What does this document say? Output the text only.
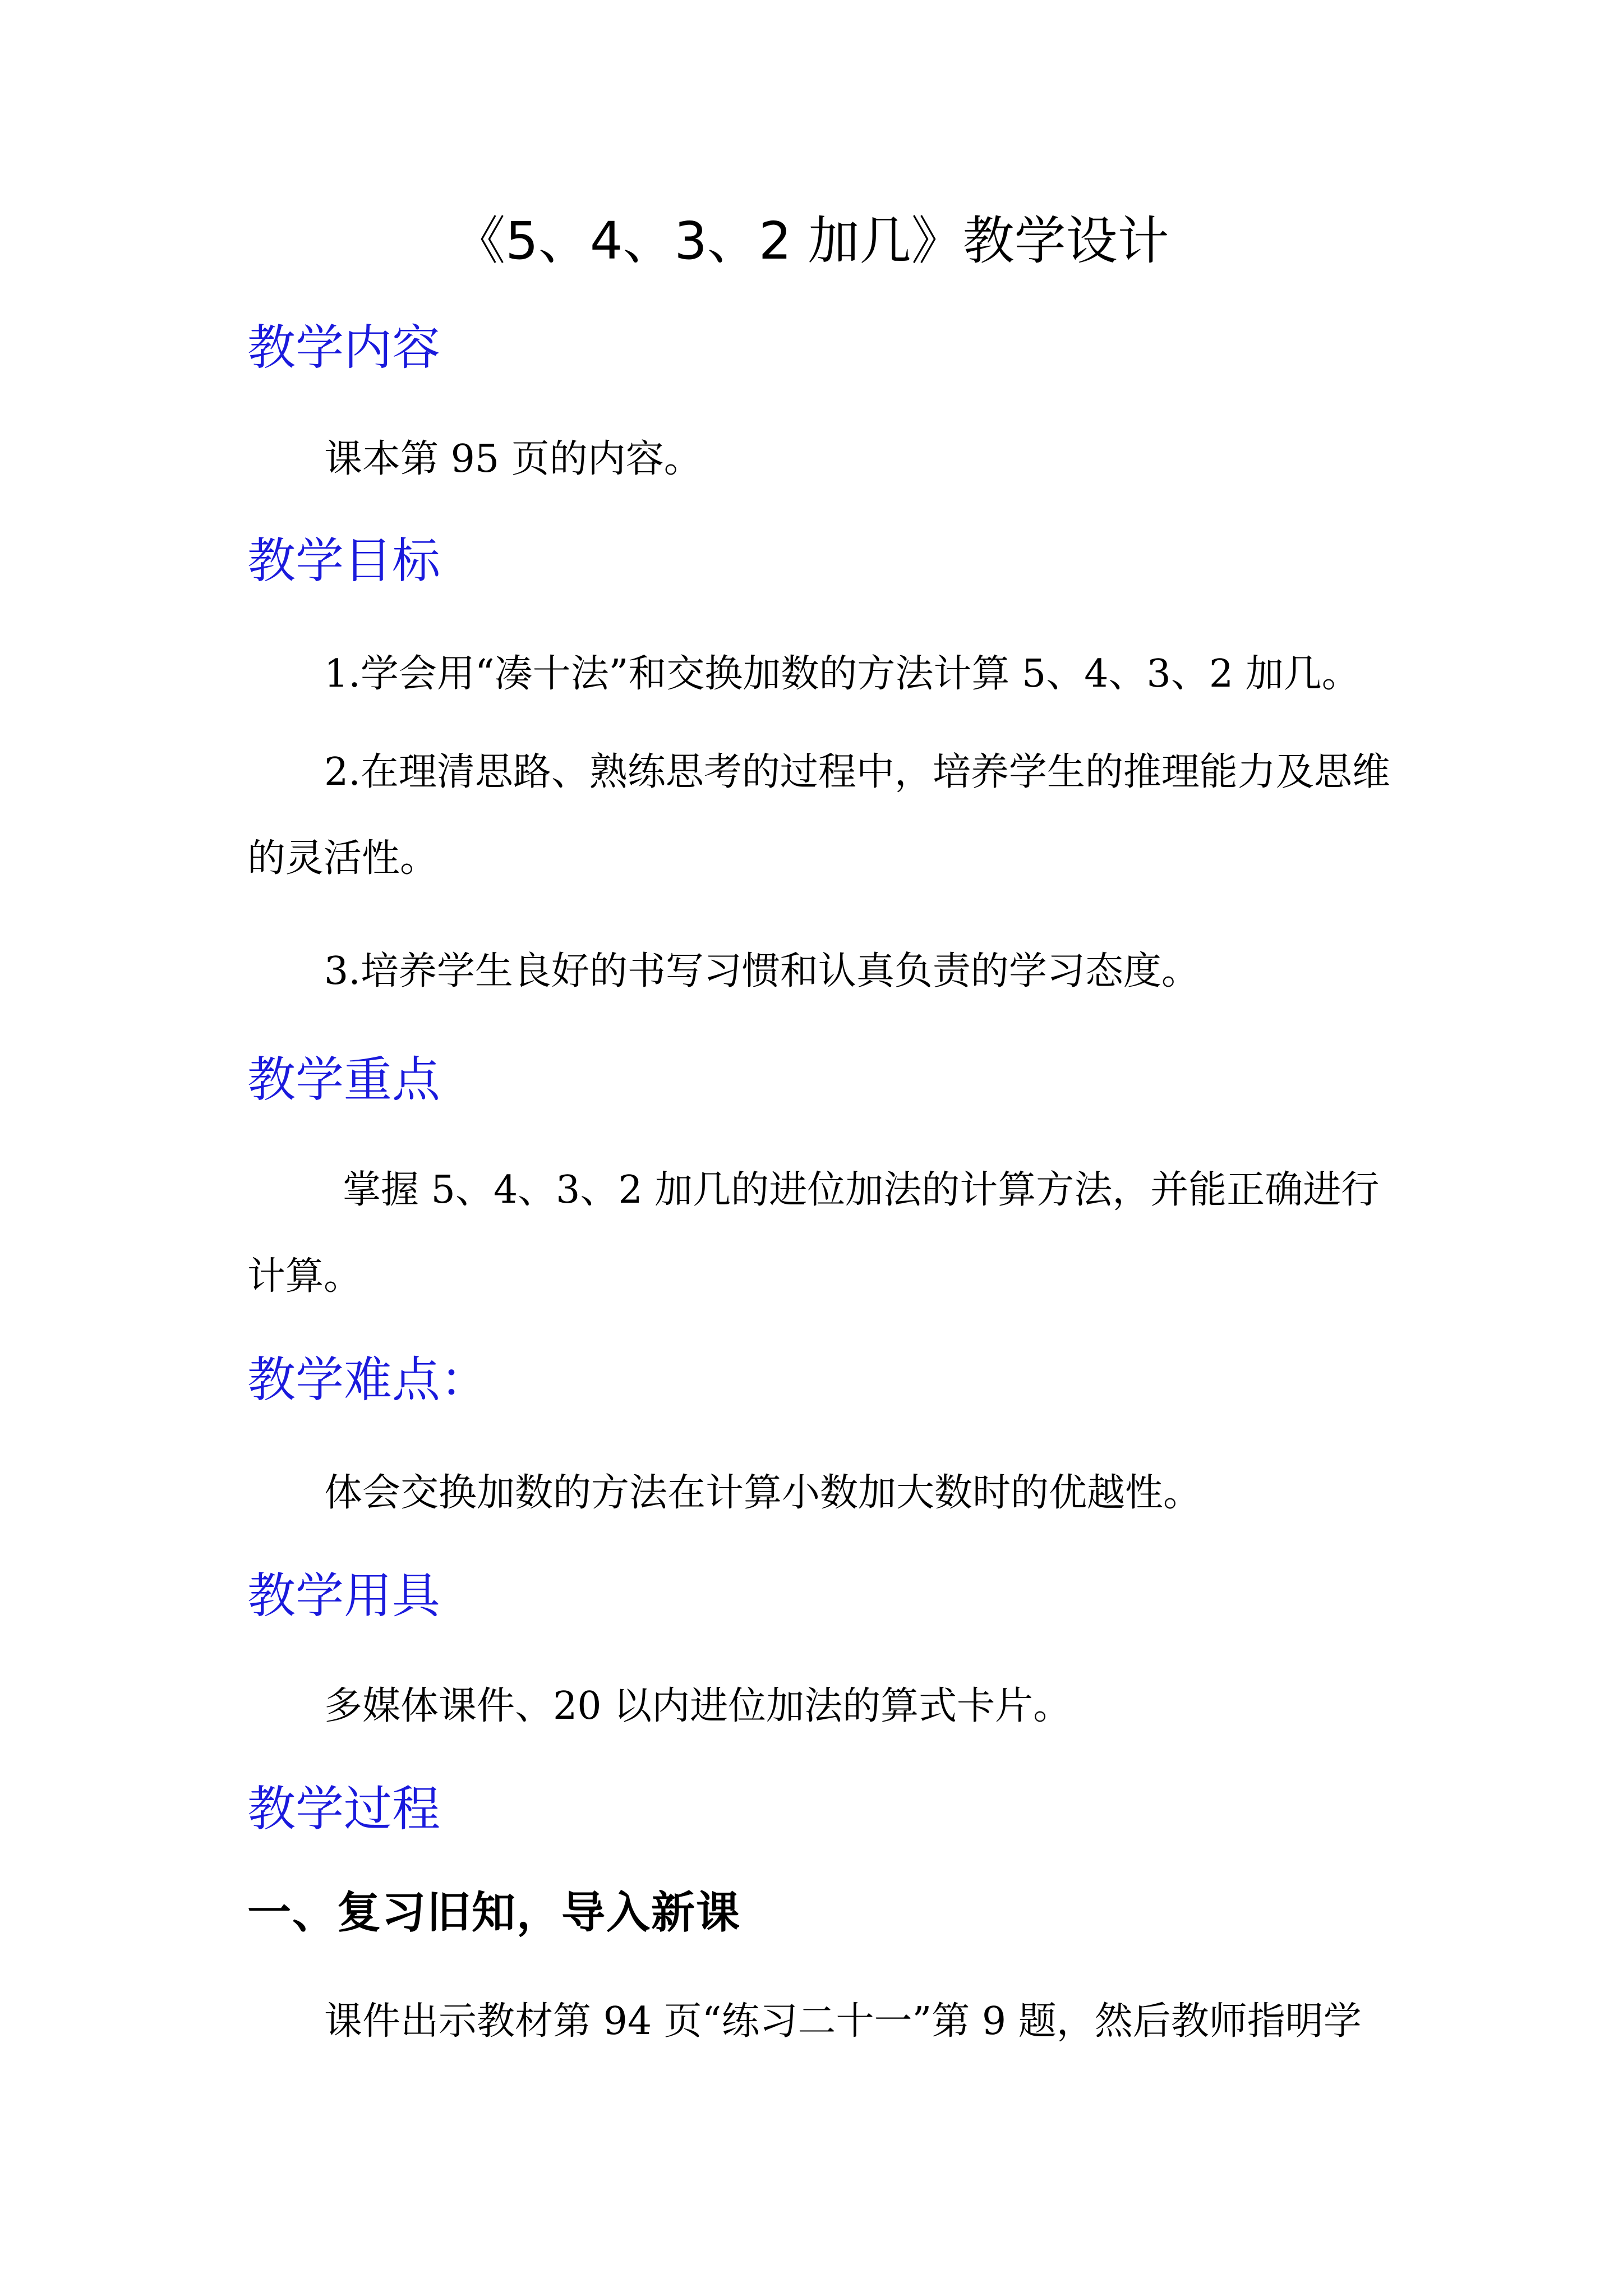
《5、4、3、2 加几》教学设计
教学内容

课本第 95 页的内容。

教学目标

1.学会用“凑十法”和交换加数的方法计算 5、4、3、2 加几。

2.在理清思路、熟练思考的过程中，培养学生的推理能力及思维的灵活性。

3.培养学生良好的书写习惯和认真负责的学习态度。

教学重点

掌握 5、4、3、2 加几的进位加法的计算方法，并能正确进行计算。

教学难点：

体会交换加数的方法在计算小数加大数时的优越性。

教学用具

多媒体课件、20 以内进位加法的算式卡片。

教学过程
一、复习旧知，导入新课

课件出示教材第 94 页“练习二十一”第 9 题，然后教师指明学
